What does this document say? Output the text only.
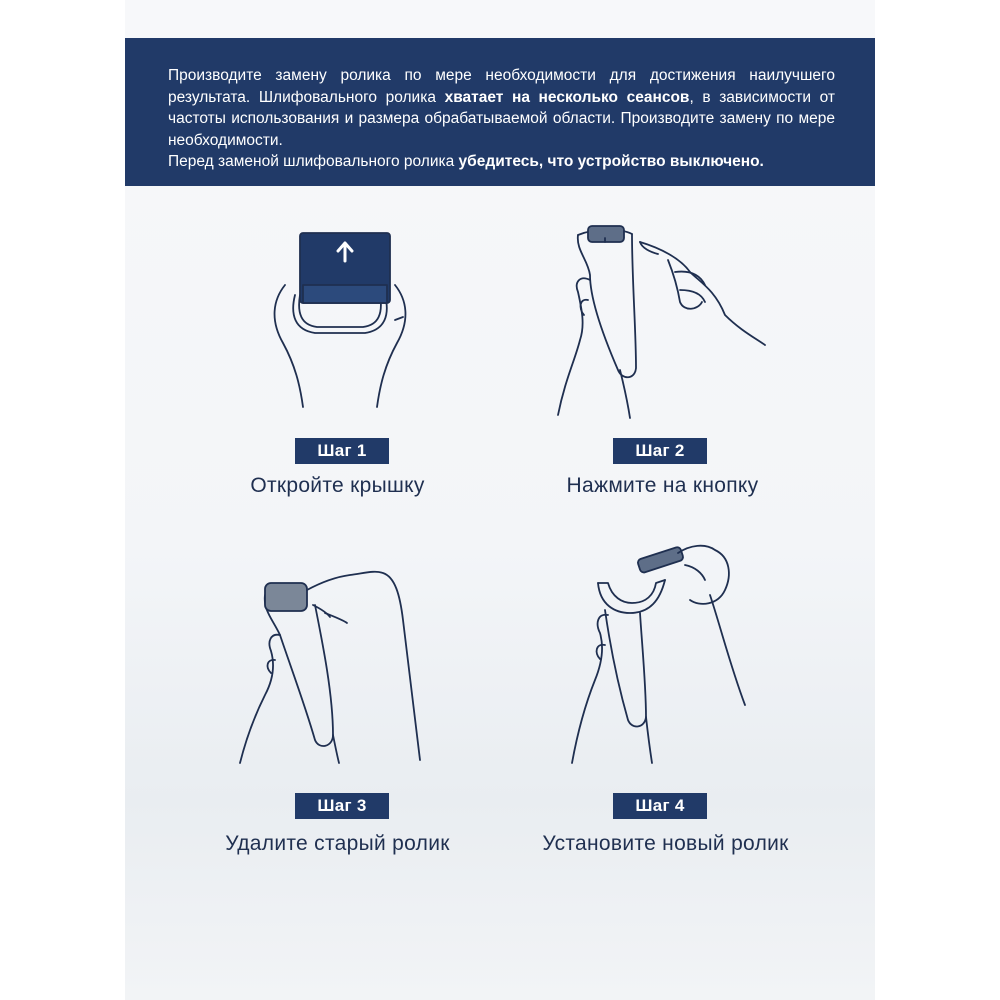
Производите замену ролика по мере необходимости для достижения наилучшего результата. Шлифовального ролика хватает на несколько сеансов, в зависимости от частоты использования и размера обрабатываемой области. Производите замену по мере необходимости.

Перед заменой шлифовального ролика убедитесь, что устройство выключено.

Шаг 1
Откройте крышку
Шаг 2
Нажмите на кнопку
Шаг 3
Удалите старый ролик
Шаг 4
Установите новый ролик
